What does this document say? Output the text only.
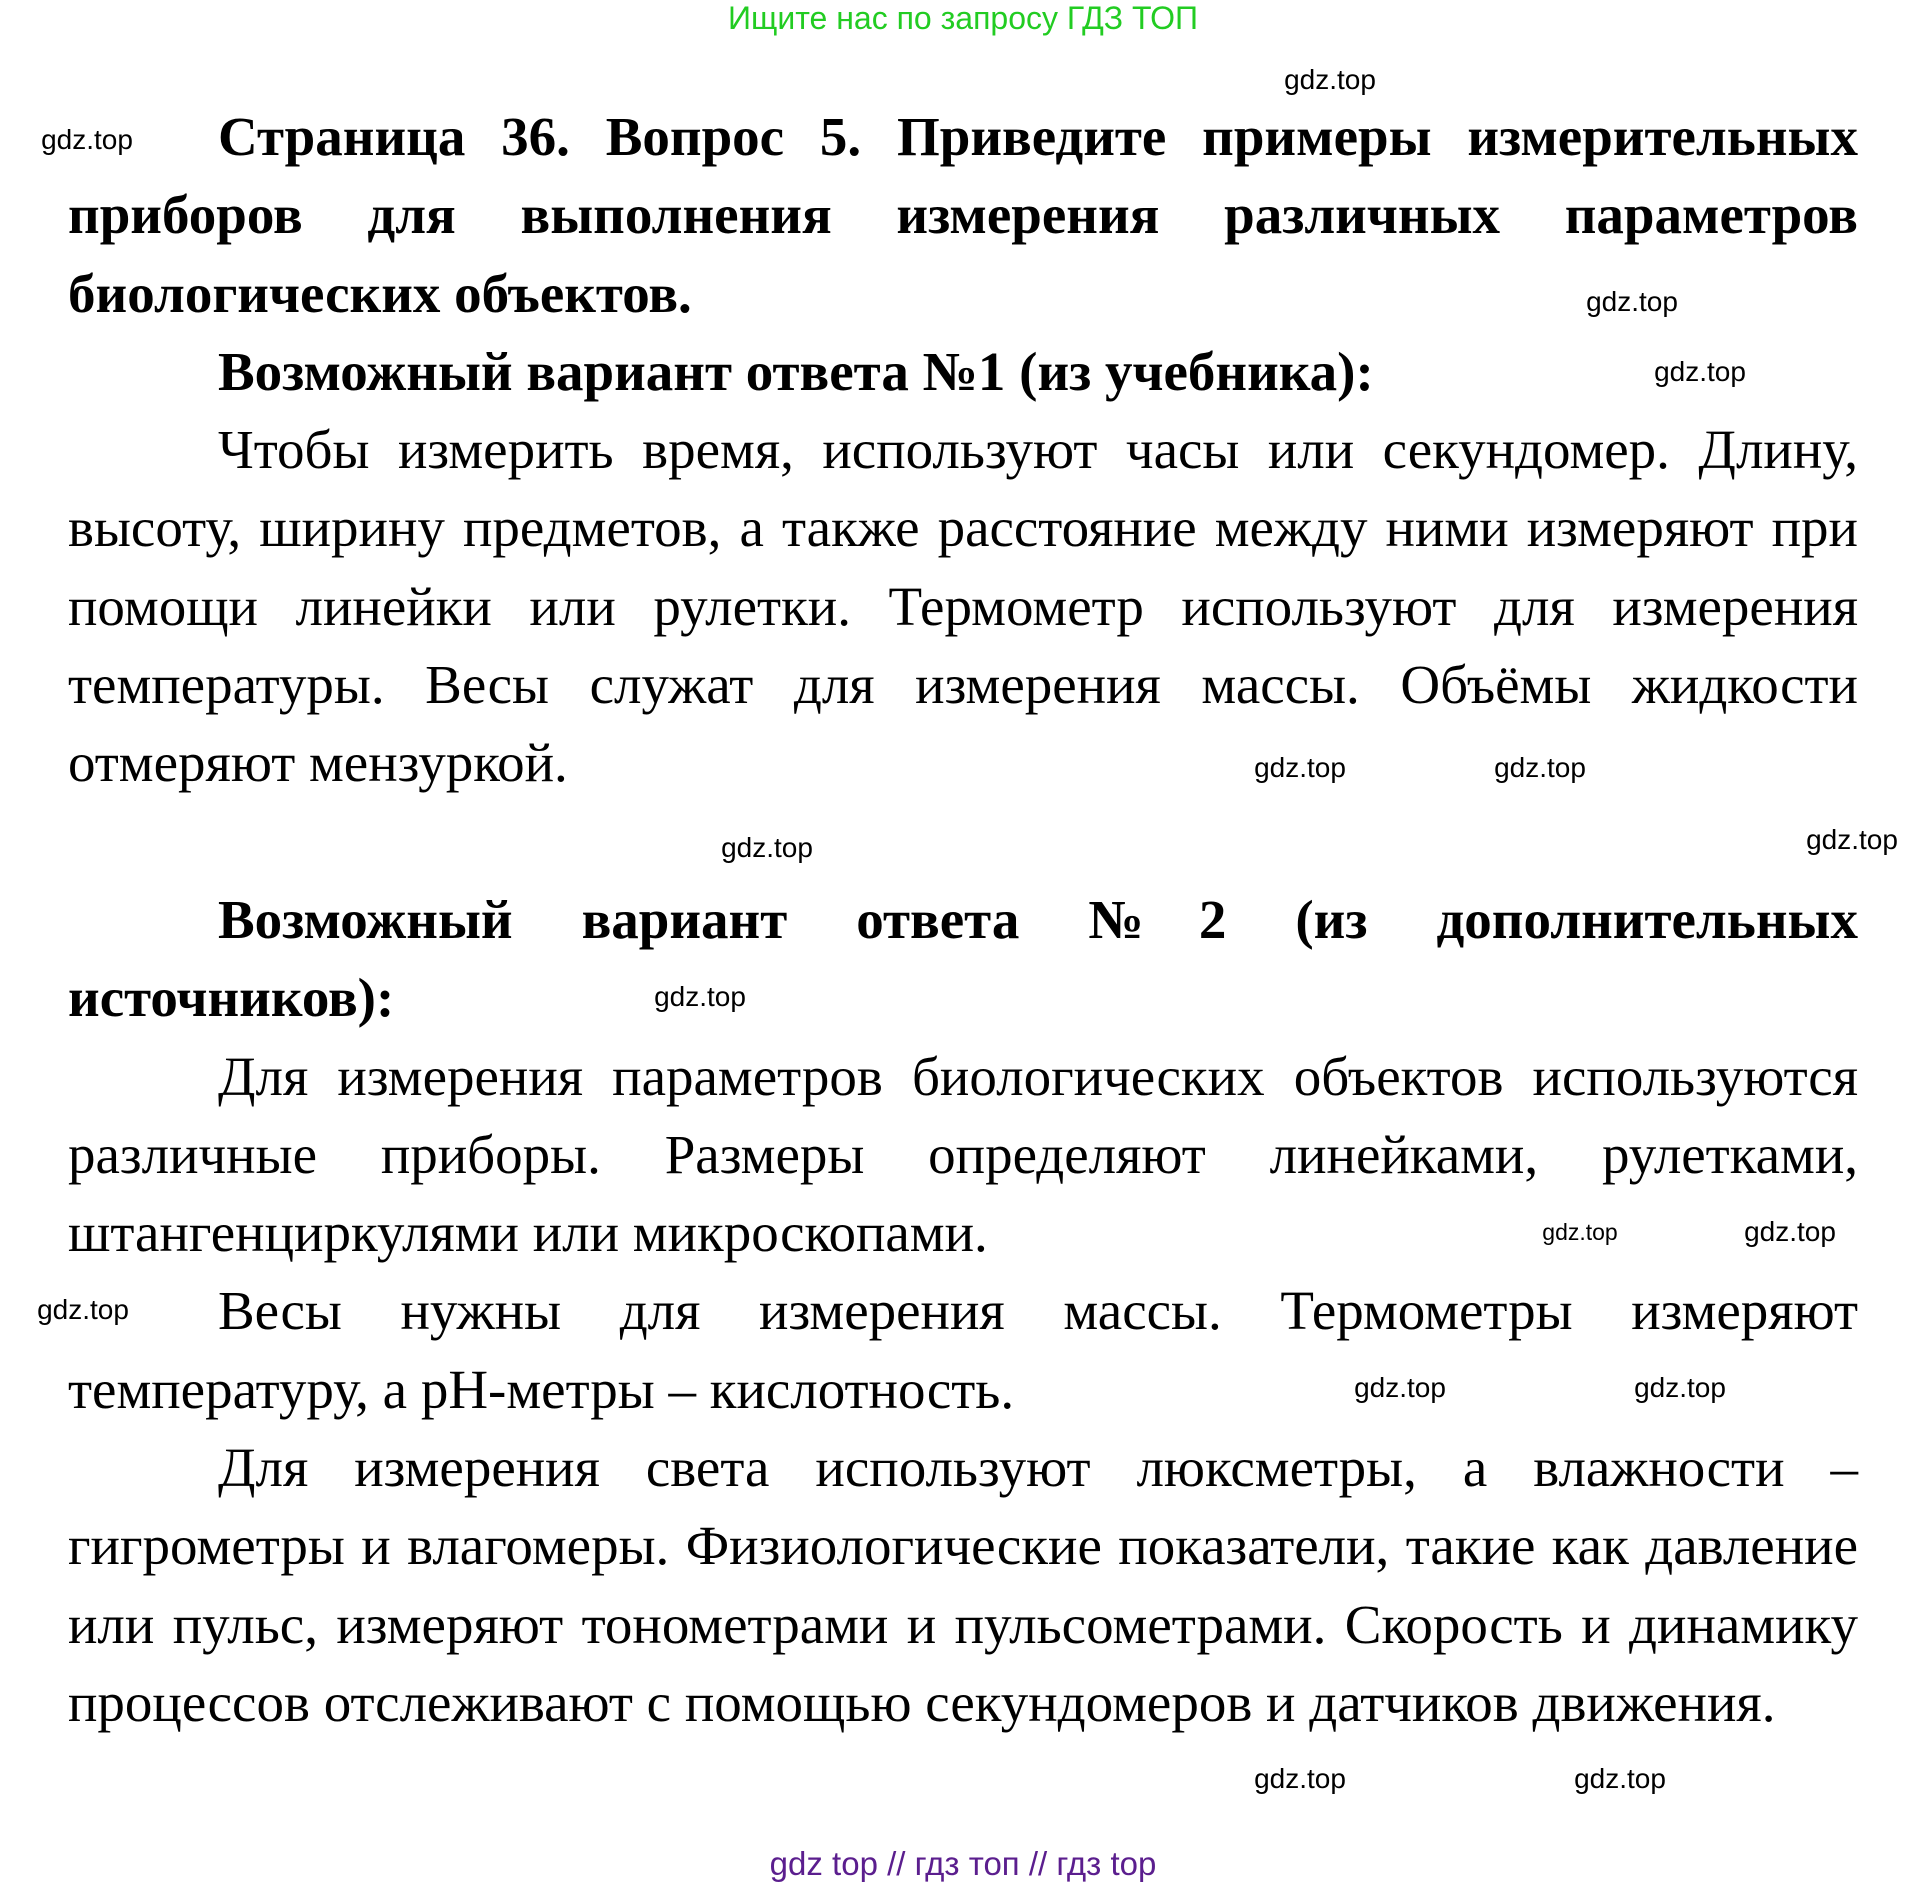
Ищите нас по запросу ГДЗ ТОП

Страница 36. Вопрос 5. Приведите примеры измерительных приборов для выполнения измерения различных параметров биологических объектов.

Возможный вариант ответа №1 (из учебника):

Чтобы измерить время, используют часы или секундомер. Длину, высоту, ширину предметов, а также расстояние между ними измеряют при помощи линейки или рулетки. Термометр используют для измерения температуры. Весы служат для измерения массы. Объёмы жидкости отмеряют мензуркой.

Возможный вариант ответа №2 (из дополнительных источников):

Для измерения параметров биологических объектов используются различные приборы. Размеры определяют линейками, рулетками, штангенциркулями или микроскопами.

Весы нужны для измерения массы. Термометры измеряют температуру, а pH-метры – кислотность.

Для измерения света используют люксметры, а влажности – гигрометры и влагомеры. Физиологические показатели, такие как давление или пульс, измеряют тонометрами и пульсометрами. Скорость и динамику процессов отслеживают с помощью секундомеров и датчиков движения.

gdz.top
gdz.top
gdz.top
gdz.top
gdz.top	gdz.top
gdz.top
gdz.top
gdz.top
gdz.top
gdz.top
gdz.top	gdz.top
gdz.top
gdz.top	gdz.top
gdz top // гдз топ // гдз top
